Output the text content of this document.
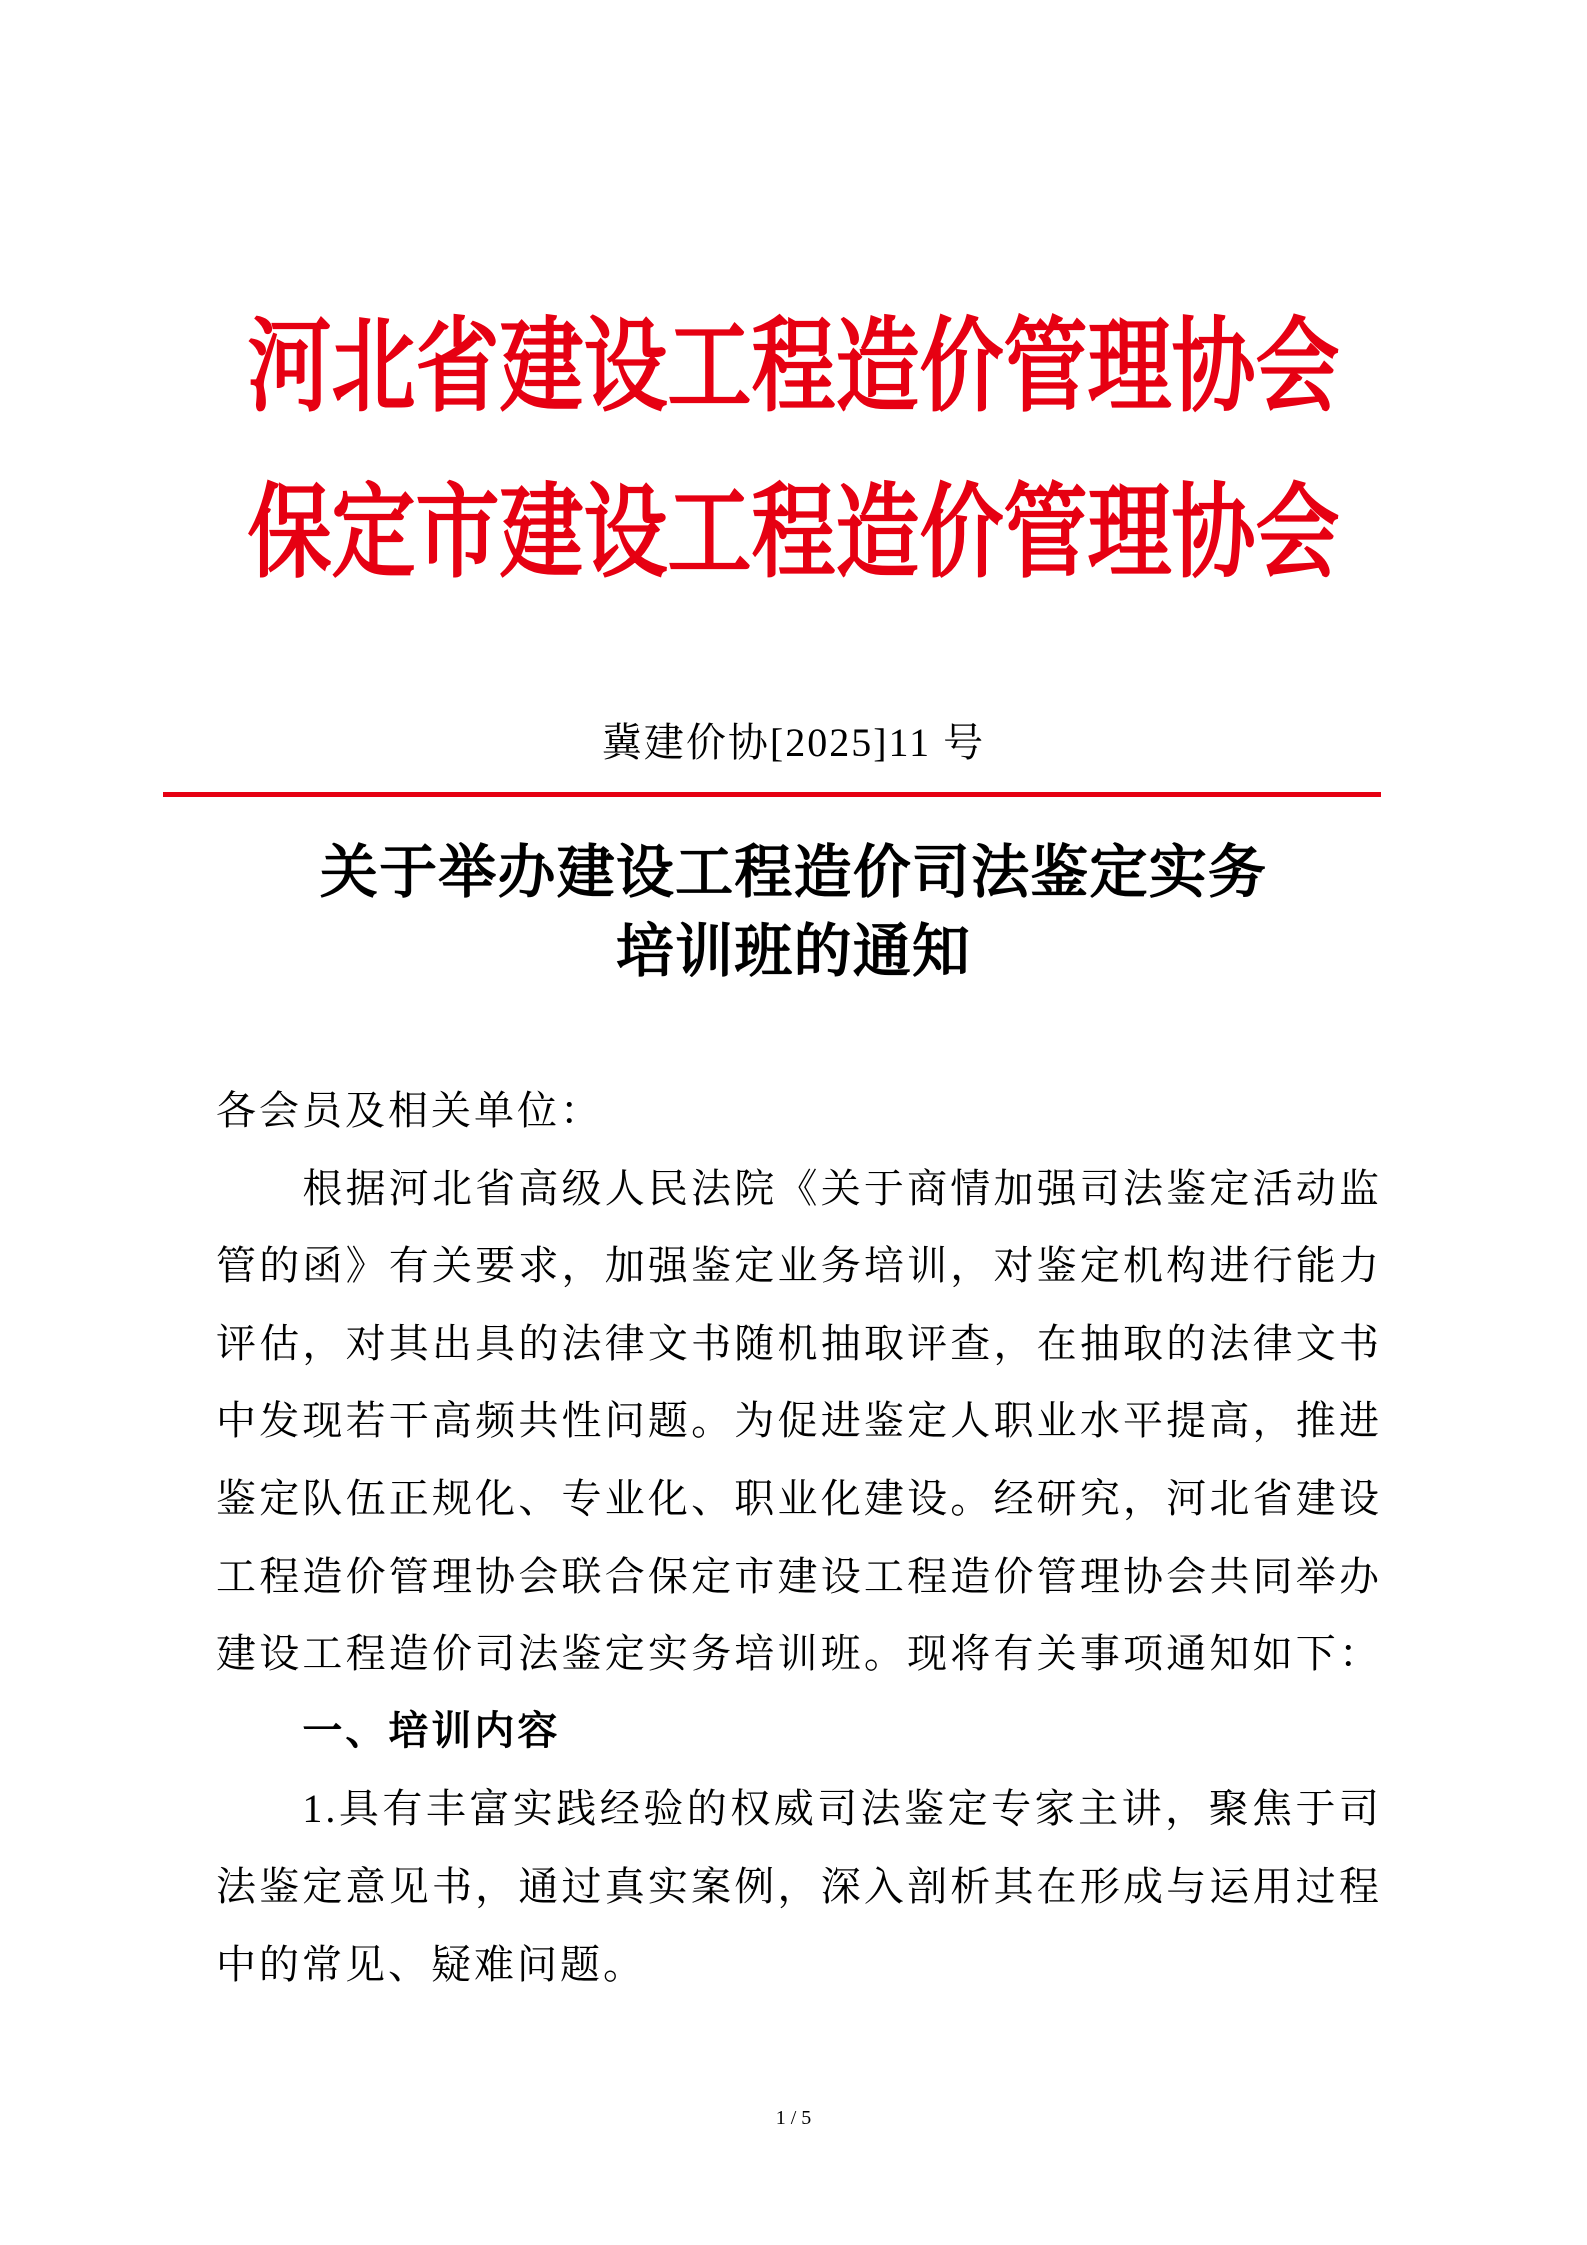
河北省建设工程造价管理协会
保定市建设工程造价管理协会
冀建价协[2025]11 号
关于举办建设工程造价司法鉴定实务
培训班的通知
各会员及相关单位：
根据河北省高级人民法院《关于商情加强司法鉴定活动监
管的函》有关要求，加强鉴定业务培训，对鉴定机构进行能力
评估，对其出具的法律文书随机抽取评查，在抽取的法律文书
中发现若干高频共性问题。为促进鉴定人职业水平提高，推进
鉴定队伍正规化、专业化、职业化建设。经研究，河北省建设
工程造价管理协会联合保定市建设工程造价管理协会共同举办
建设工程造价司法鉴定实务培训班。现将有关事项通知如下：
一、培训内容
1.具有丰富实践经验的权威司法鉴定专家主讲，聚焦于司
法鉴定意见书，通过真实案例，深入剖析其在形成与运用过程
中的常见、疑难问题。
1 / 5
